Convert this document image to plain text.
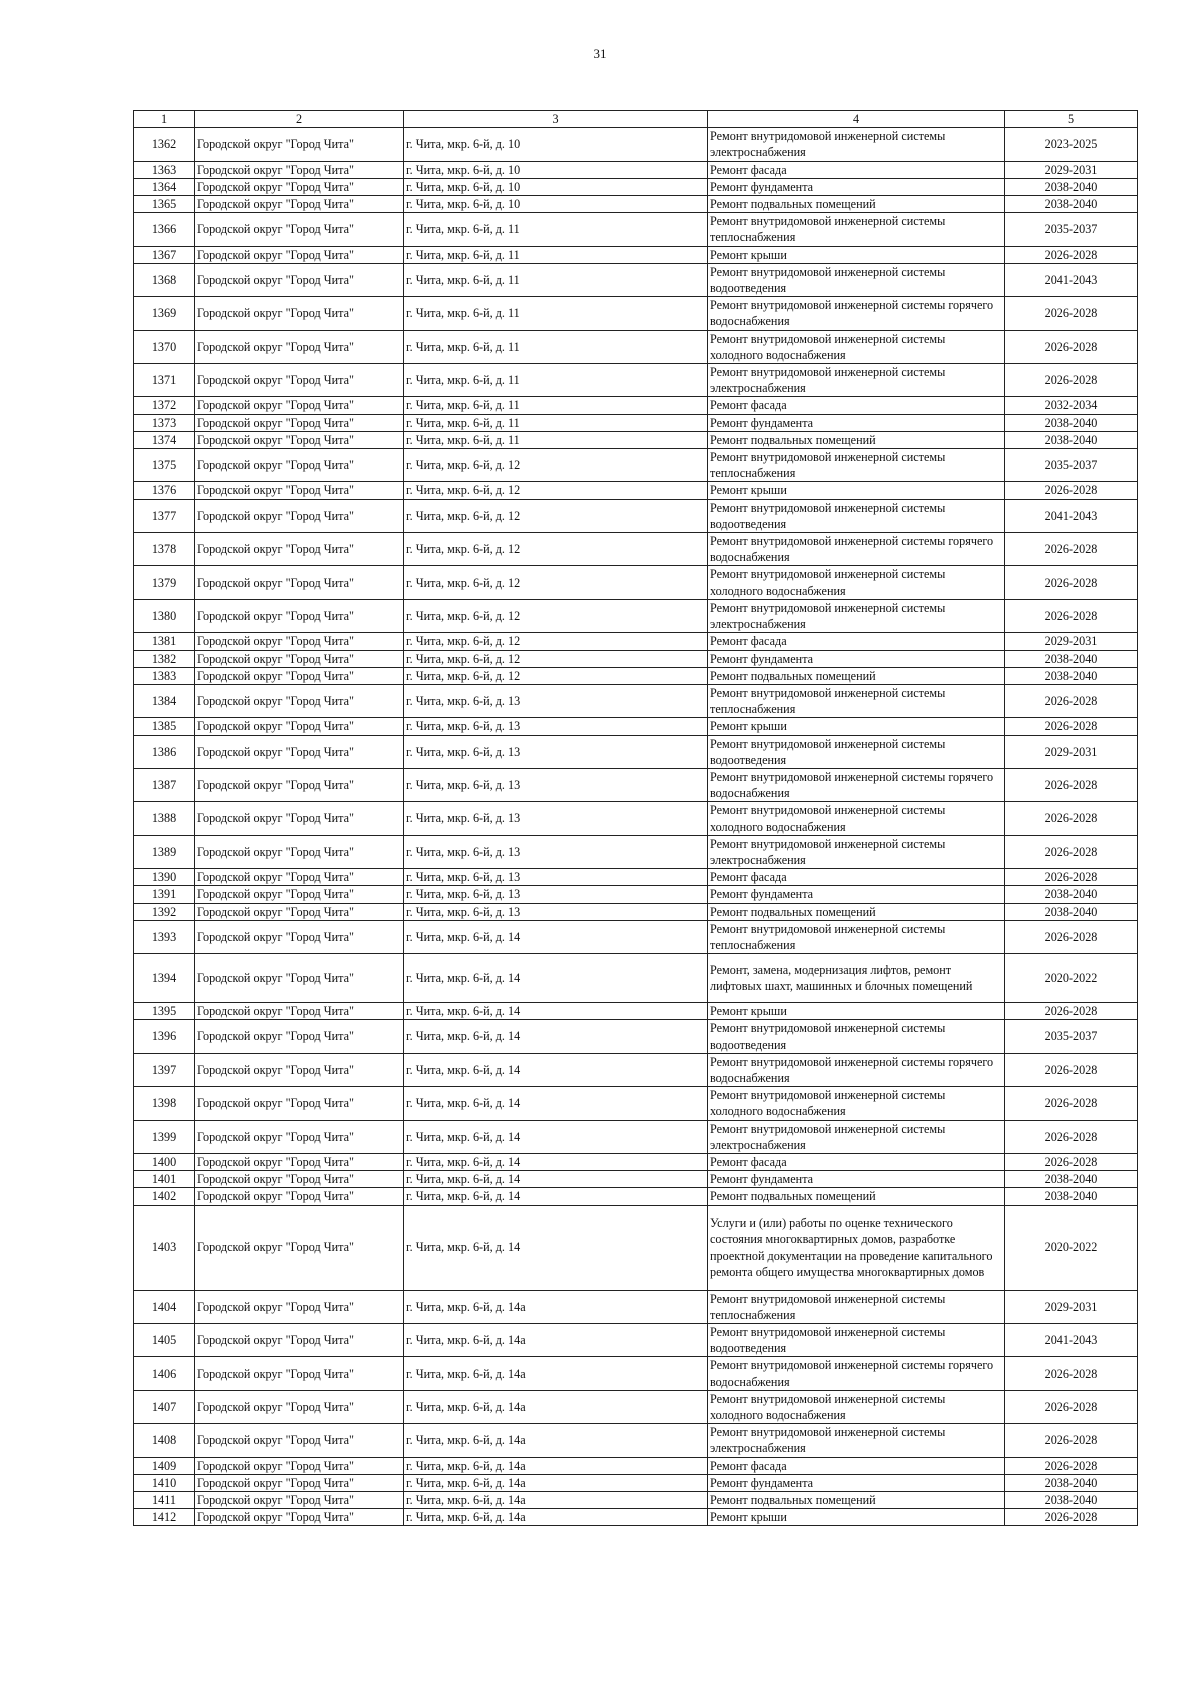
31
1	2	3	4	5
1362	Городской округ "Город Чита"	г. Чита, мкр. 6-й, д. 10	Ремонт внутридомовой инженерной системы электроснабжения	2023-2025
1363	Городской округ "Город Чита"	г. Чита, мкр. 6-й, д. 10	Ремонт фасада	2029-2031
1364	Городской округ "Город Чита"	г. Чита, мкр. 6-й, д. 10	Ремонт фундамента	2038-2040
1365	Городской округ "Город Чита"	г. Чита, мкр. 6-й, д. 10	Ремонт подвальных помещений	2038-2040
1366	Городской округ "Город Чита"	г. Чита, мкр. 6-й, д. 11	Ремонт внутридомовой инженерной системы теплоснабжения	2035-2037
1367	Городской округ "Город Чита"	г. Чита, мкр. 6-й, д. 11	Ремонт крыши	2026-2028
1368	Городской округ "Город Чита"	г. Чита, мкр. 6-й, д. 11	Ремонт внутридомовой инженерной системы водоотведения	2041-2043
1369	Городской округ "Город Чита"	г. Чита, мкр. 6-й, д. 11	Ремонт внутридомовой инженерной системы горячего водоснабжения	2026-2028
1370	Городской округ "Город Чита"	г. Чита, мкр. 6-й, д. 11	Ремонт внутридомовой инженерной системы холодного водоснабжения	2026-2028
1371	Городской округ "Город Чита"	г. Чита, мкр. 6-й, д. 11	Ремонт внутридомовой инженерной системы электроснабжения	2026-2028
1372	Городской округ "Город Чита"	г. Чита, мкр. 6-й, д. 11	Ремонт фасада	2032-2034
1373	Городской округ "Город Чита"	г. Чита, мкр. 6-й, д. 11	Ремонт фундамента	2038-2040
1374	Городской округ "Город Чита"	г. Чита, мкр. 6-й, д. 11	Ремонт подвальных помещений	2038-2040
1375	Городской округ "Город Чита"	г. Чита, мкр. 6-й, д. 12	Ремонт внутридомовой инженерной системы теплоснабжения	2035-2037
1376	Городской округ "Город Чита"	г. Чита, мкр. 6-й, д. 12	Ремонт крыши	2026-2028
1377	Городской округ "Город Чита"	г. Чита, мкр. 6-й, д. 12	Ремонт внутридомовой инженерной системы водоотведения	2041-2043
1378	Городской округ "Город Чита"	г. Чита, мкр. 6-й, д. 12	Ремонт внутридомовой инженерной системы горячего водоснабжения	2026-2028
1379	Городской округ "Город Чита"	г. Чита, мкр. 6-й, д. 12	Ремонт внутридомовой инженерной системы холодного водоснабжения	2026-2028
1380	Городской округ "Город Чита"	г. Чита, мкр. 6-й, д. 12	Ремонт внутридомовой инженерной системы электроснабжения	2026-2028
1381	Городской округ "Город Чита"	г. Чита, мкр. 6-й, д. 12	Ремонт фасада	2029-2031
1382	Городской округ "Город Чита"	г. Чита, мкр. 6-й, д. 12	Ремонт фундамента	2038-2040
1383	Городской округ "Город Чита"	г. Чита, мкр. 6-й, д. 12	Ремонт подвальных помещений	2038-2040
1384	Городской округ "Город Чита"	г. Чита, мкр. 6-й, д. 13	Ремонт внутридомовой инженерной системы теплоснабжения	2026-2028
1385	Городской округ "Город Чита"	г. Чита, мкр. 6-й, д. 13	Ремонт крыши	2026-2028
1386	Городской округ "Город Чита"	г. Чита, мкр. 6-й, д. 13	Ремонт внутридомовой инженерной системы водоотведения	2029-2031
1387	Городской округ "Город Чита"	г. Чита, мкр. 6-й, д. 13	Ремонт внутридомовой инженерной системы горячего водоснабжения	2026-2028
1388	Городской округ "Город Чита"	г. Чита, мкр. 6-й, д. 13	Ремонт внутридомовой инженерной системы холодного водоснабжения	2026-2028
1389	Городской округ "Город Чита"	г. Чита, мкр. 6-й, д. 13	Ремонт внутридомовой инженерной системы электроснабжения	2026-2028
1390	Городской округ "Город Чита"	г. Чита, мкр. 6-й, д. 13	Ремонт фасада	2026-2028
1391	Городской округ "Город Чита"	г. Чита, мкр. 6-й, д. 13	Ремонт фундамента	2038-2040
1392	Городской округ "Город Чита"	г. Чита, мкр. 6-й, д. 13	Ремонт подвальных помещений	2038-2040
1393	Городской округ "Город Чита"	г. Чита, мкр. 6-й, д. 14	Ремонт внутридомовой инженерной системы теплоснабжения	2026-2028
1394	Городской округ "Город Чита"	г. Чита, мкр. 6-й, д. 14	Ремонт, замена, модернизация лифтов, ремонт лифтовых шахт, машинных и блочных помещений	2020-2022
1395	Городской округ "Город Чита"	г. Чита, мкр. 6-й, д. 14	Ремонт крыши	2026-2028
1396	Городской округ "Город Чита"	г. Чита, мкр. 6-й, д. 14	Ремонт внутридомовой инженерной системы водоотведения	2035-2037
1397	Городской округ "Город Чита"	г. Чита, мкр. 6-й, д. 14	Ремонт внутридомовой инженерной системы горячего водоснабжения	2026-2028
1398	Городской округ "Город Чита"	г. Чита, мкр. 6-й, д. 14	Ремонт внутридомовой инженерной системы холодного водоснабжения	2026-2028
1399	Городской округ "Город Чита"	г. Чита, мкр. 6-й, д. 14	Ремонт внутридомовой инженерной системы электроснабжения	2026-2028
1400	Городской округ "Город Чита"	г. Чита, мкр. 6-й, д. 14	Ремонт фасада	2026-2028
1401	Городской округ "Город Чита"	г. Чита, мкр. 6-й, д. 14	Ремонт фундамента	2038-2040
1402	Городской округ "Город Чита"	г. Чита, мкр. 6-й, д. 14	Ремонт подвальных помещений	2038-2040
1403	Городской округ "Город Чита"	г. Чита, мкр. 6-й, д. 14	Услуги и (или) работы по оценке технического состояния многоквартирных домов, разработке проектной документации на проведение капитального ремонта общего имущества многоквартирных домов	2020-2022
1404	Городской округ "Город Чита"	г. Чита, мкр. 6-й, д. 14а	Ремонт внутридомовой инженерной системы теплоснабжения	2029-2031
1405	Городской округ "Город Чита"	г. Чита, мкр. 6-й, д. 14а	Ремонт внутридомовой инженерной системы водоотведения	2041-2043
1406	Городской округ "Город Чита"	г. Чита, мкр. 6-й, д. 14а	Ремонт внутридомовой инженерной системы горячего водоснабжения	2026-2028
1407	Городской округ "Город Чита"	г. Чита, мкр. 6-й, д. 14а	Ремонт внутридомовой инженерной системы холодного водоснабжения	2026-2028
1408	Городской округ "Город Чита"	г. Чита, мкр. 6-й, д. 14а	Ремонт внутридомовой инженерной системы электроснабжения	2026-2028
1409	Городской округ "Город Чита"	г. Чита, мкр. 6-й, д. 14а	Ремонт фасада	2026-2028
1410	Городской округ "Город Чита"	г. Чита, мкр. 6-й, д. 14а	Ремонт фундамента	2038-2040
1411	Городской округ "Город Чита"	г. Чита, мкр. 6-й, д. 14а	Ремонт подвальных помещений	2038-2040
1412	Городской округ "Город Чита"	г. Чита, мкр. 6-й, д. 14а	Ремонт крыши	2026-2028
